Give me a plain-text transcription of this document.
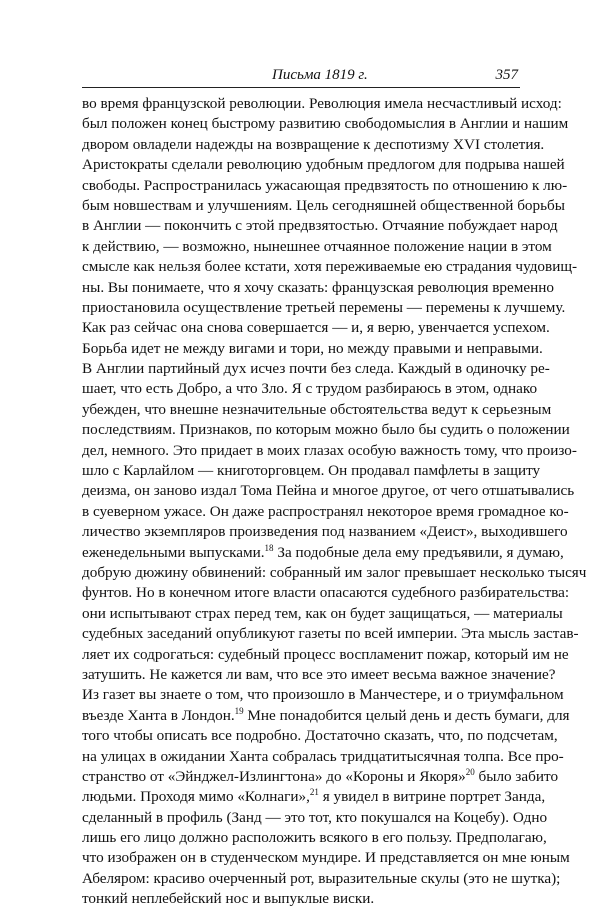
Письма 1819 г.	357
во время французской революции. Революция имела несчастливый исход:
был положен конец быстрому развитию свободомыслия в Англии и нашим
двором овладели надежды на возвращение к деспотизму XVI столетия.
Аристократы сделали революцию удобным предлогом для подрыва нашей
свободы. Распространилась ужасающая предвзятость по отношению к лю-
бым новшествам и улучшениям. Цель сегодняшней общественной борьбы
в Англии — покончить с этой предвзятостью. Отчаяние побуждает народ
к действию, — возможно, нынешнее отчаянное положение нации в этом
смысле как нельзя более кстати, хотя переживаемые ею страдания чудовищ-
ны. Вы понимаете, что я хочу сказать: французская революция временно
приостановила осуществление третьей перемены — перемены к лучшему.
Как раз сейчас она снова совершается — и, я верю, увенчается успехом.
Борьба идет не между вигами и тори, но между правыми и неправыми.
В Англии партийный дух исчез почти без следа. Каждый в одиночку ре-
шает, что есть Добро, а что Зло. Я с трудом разбираюсь в этом, однако
убежден, что внешне незначительные обстоятельства ведут к серьезным
последствиям. Признаков, по которым можно было бы судить о положении
дел, немного. Это придает в моих глазах особую важность тому, что произо-
шло с Карлайлом — книготорговцем. Он продавал памфлеты в защиту
деизма, он заново издал Тома Пейна и многое другое, от чего отшатывались
в суеверном ужасе. Он даже распространял некоторое время громадное ко-
личество экземпляров произведения под названием «Деист», выходившего
еженедельными выпусками.$^{18}$ За подобные дела ему предъявили, я думаю,
добрую дюжину обвинений: собранный им залог превышает несколько тысяч
фунтов. Но в конечном итоге власти опасаются судебного разбирательства:
они испытывают страх перед тем, как он будет защищаться, — материалы
судебных заседаний опубликуют газеты по всей империи. Эта мысль застав-
ляет их содрогаться: судебный процесс воспламенит пожар, который им не
затушить. Не кажется ли вам, что все это имеет весьма важное значение?
Из газет вы знаете о том, что произошло в Манчестере, и о триумфальном
въезде Ханта в Лондон.$^{19}$ Мне понадобится целый день и десть бумаги, для
того чтобы описать все подробно. Достаточно сказать, что, по подсчетам,
на улицах в ожидании Ханта собралась тридцатитысячная толпа. Все про-
странство от «Эйнджел-Излингтона» до «Короны и Якоря»$^{20}$ было забито
людьми. Проходя мимо «Колнаги»,$^{21}$ я увидел в витрине портрет Занда,
сделанный в профиль (Занд — это тот, кто покушался на Коцебу). Одно
лишь его лицо должно расположить всякого в его пользу. Предполагаю,
что изображен он в студенческом мундире. И представляется он мне юным
Абеляром: красиво очерченный рот, выразительные скулы (это не шутка);
тонкий неплебейский нос и выпуклые виски.
